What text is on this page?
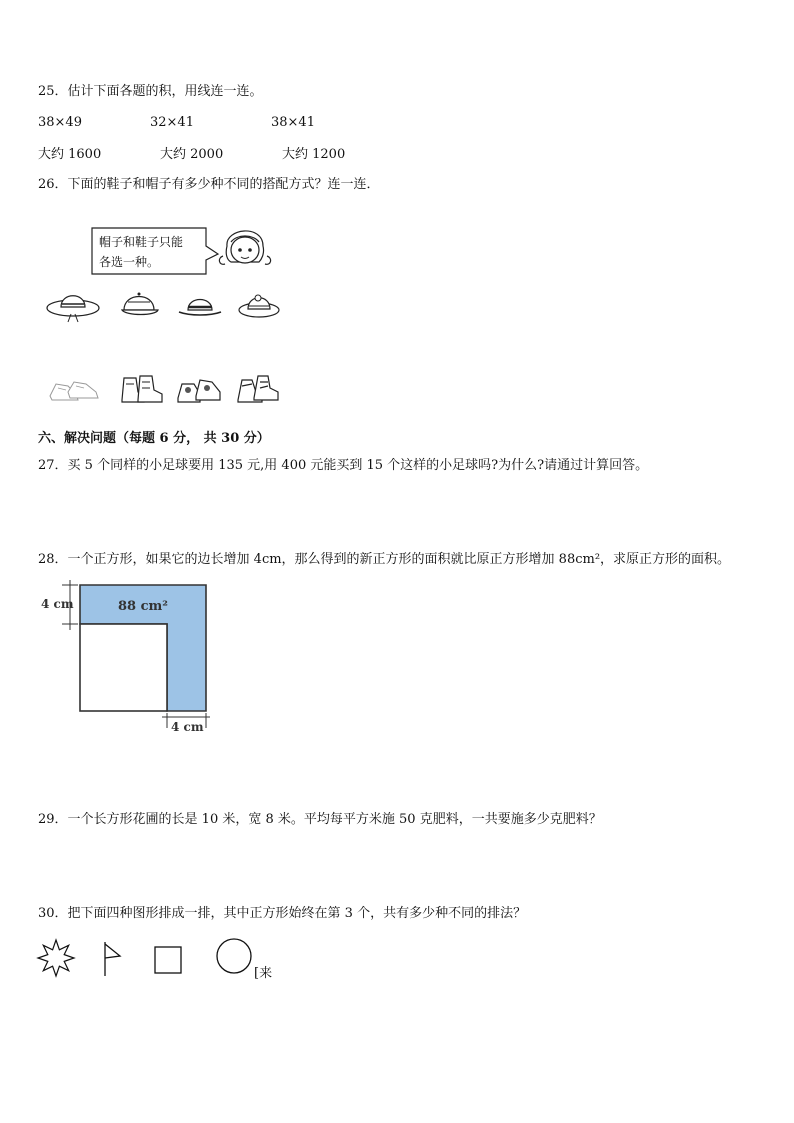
25．估计下面各题的积，用线连一连。
38×49	32×41	38×41
大约 1600	大约 2000	大约 1200
26．下面的鞋子和帽子有多少种不同的搭配方式？连一连．
帽子和鞋子只能
各选一种。
六、解决问题（每题 6 分， 共 30 分）
27．买 5 个同样的小足球要用 135 元,用 400 元能买到 15 个这样的小足球吗?为什么?请通过计算回答。
28．一个正方形，如果它的边长增加 4cm，那么得到的新正方形的面积就比原正方形增加 88cm²，求原正方形的面积。
88 cm²
4 cm
4 cm
29．一个长方形花圃的长是 10 米，宽 8 米。平均每平方米施 50 克肥料，一共要施多少克肥料？
30．把下面四种图形排成一排，其中正方形始终在第 3 个，共有多少种不同的排法？
[来
